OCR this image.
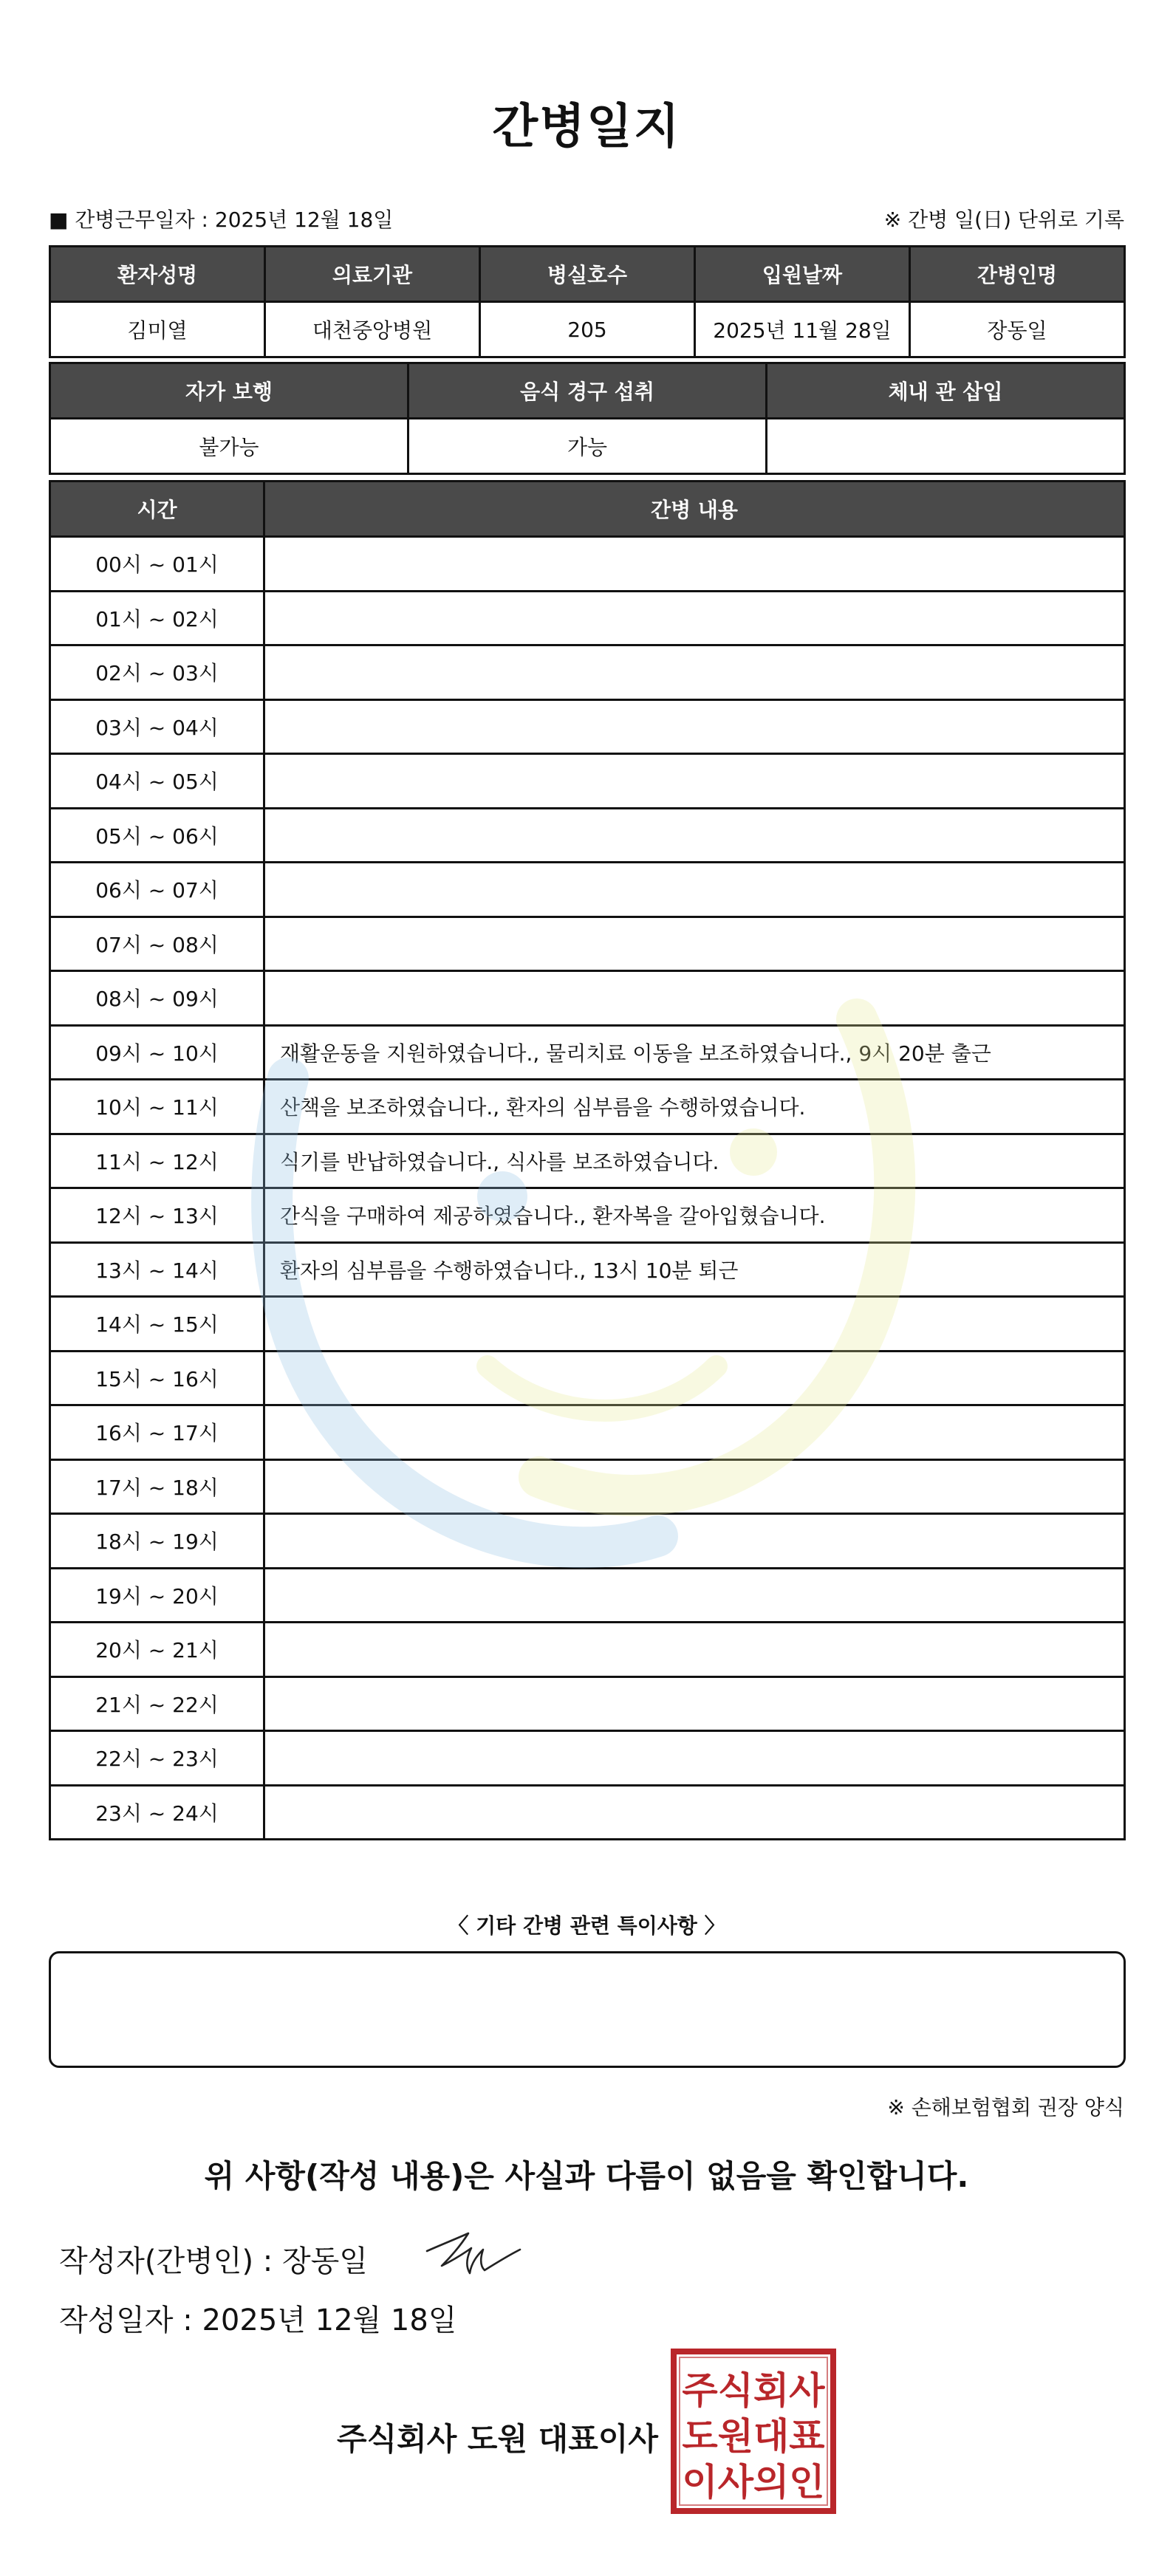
간병일지
■ 간병근무일자 : 2025년 12월 18일	※ 간병 일(日) 단위로 기록
환자성명	의료기관	병실호수	입원날짜	간병인명
김미열	대천중앙병원	205	2025년 11월 28일	장동일
자가 보행	음식 경구 섭취	체내 관 삽입
불가능	가능	
시간	간병 내용
00시 ~ 01시	
01시 ~ 02시	
02시 ~ 03시	
03시 ~ 04시	
04시 ~ 05시	
05시 ~ 06시	
06시 ~ 07시	
07시 ~ 08시	
08시 ~ 09시	
09시 ~ 10시	재활운동을 지원하였습니다., 물리치료 이동을 보조하였습니다., 9시 20분 출근
10시 ~ 11시	산책을 보조하였습니다., 환자의 심부름을 수행하였습니다.
11시 ~ 12시	식기를 반납하였습니다., 식사를 보조하였습니다.
12시 ~ 13시	간식을 구매하여 제공하였습니다., 환자복을 갈아입혔습니다.
13시 ~ 14시	환자의 심부름을 수행하였습니다., 13시 10분 퇴근
14시 ~ 15시	
15시 ~ 16시	
16시 ~ 17시	
17시 ~ 18시	
18시 ~ 19시	
19시 ~ 20시	
20시 ~ 21시	
21시 ~ 22시	
22시 ~ 23시	
23시 ~ 24시	
〈 기타 간병 관련 특이사항 〉
※ 손해보험협회 권장 양식
위 사항(작성 내용)은 사실과 다름이 없음을 확인합니다.
작성자(간병인) : 장동일
작성일자 : 2025년 12월 18일
주식회사 도원 대표이사
주식회사
도원대표
이사의인
